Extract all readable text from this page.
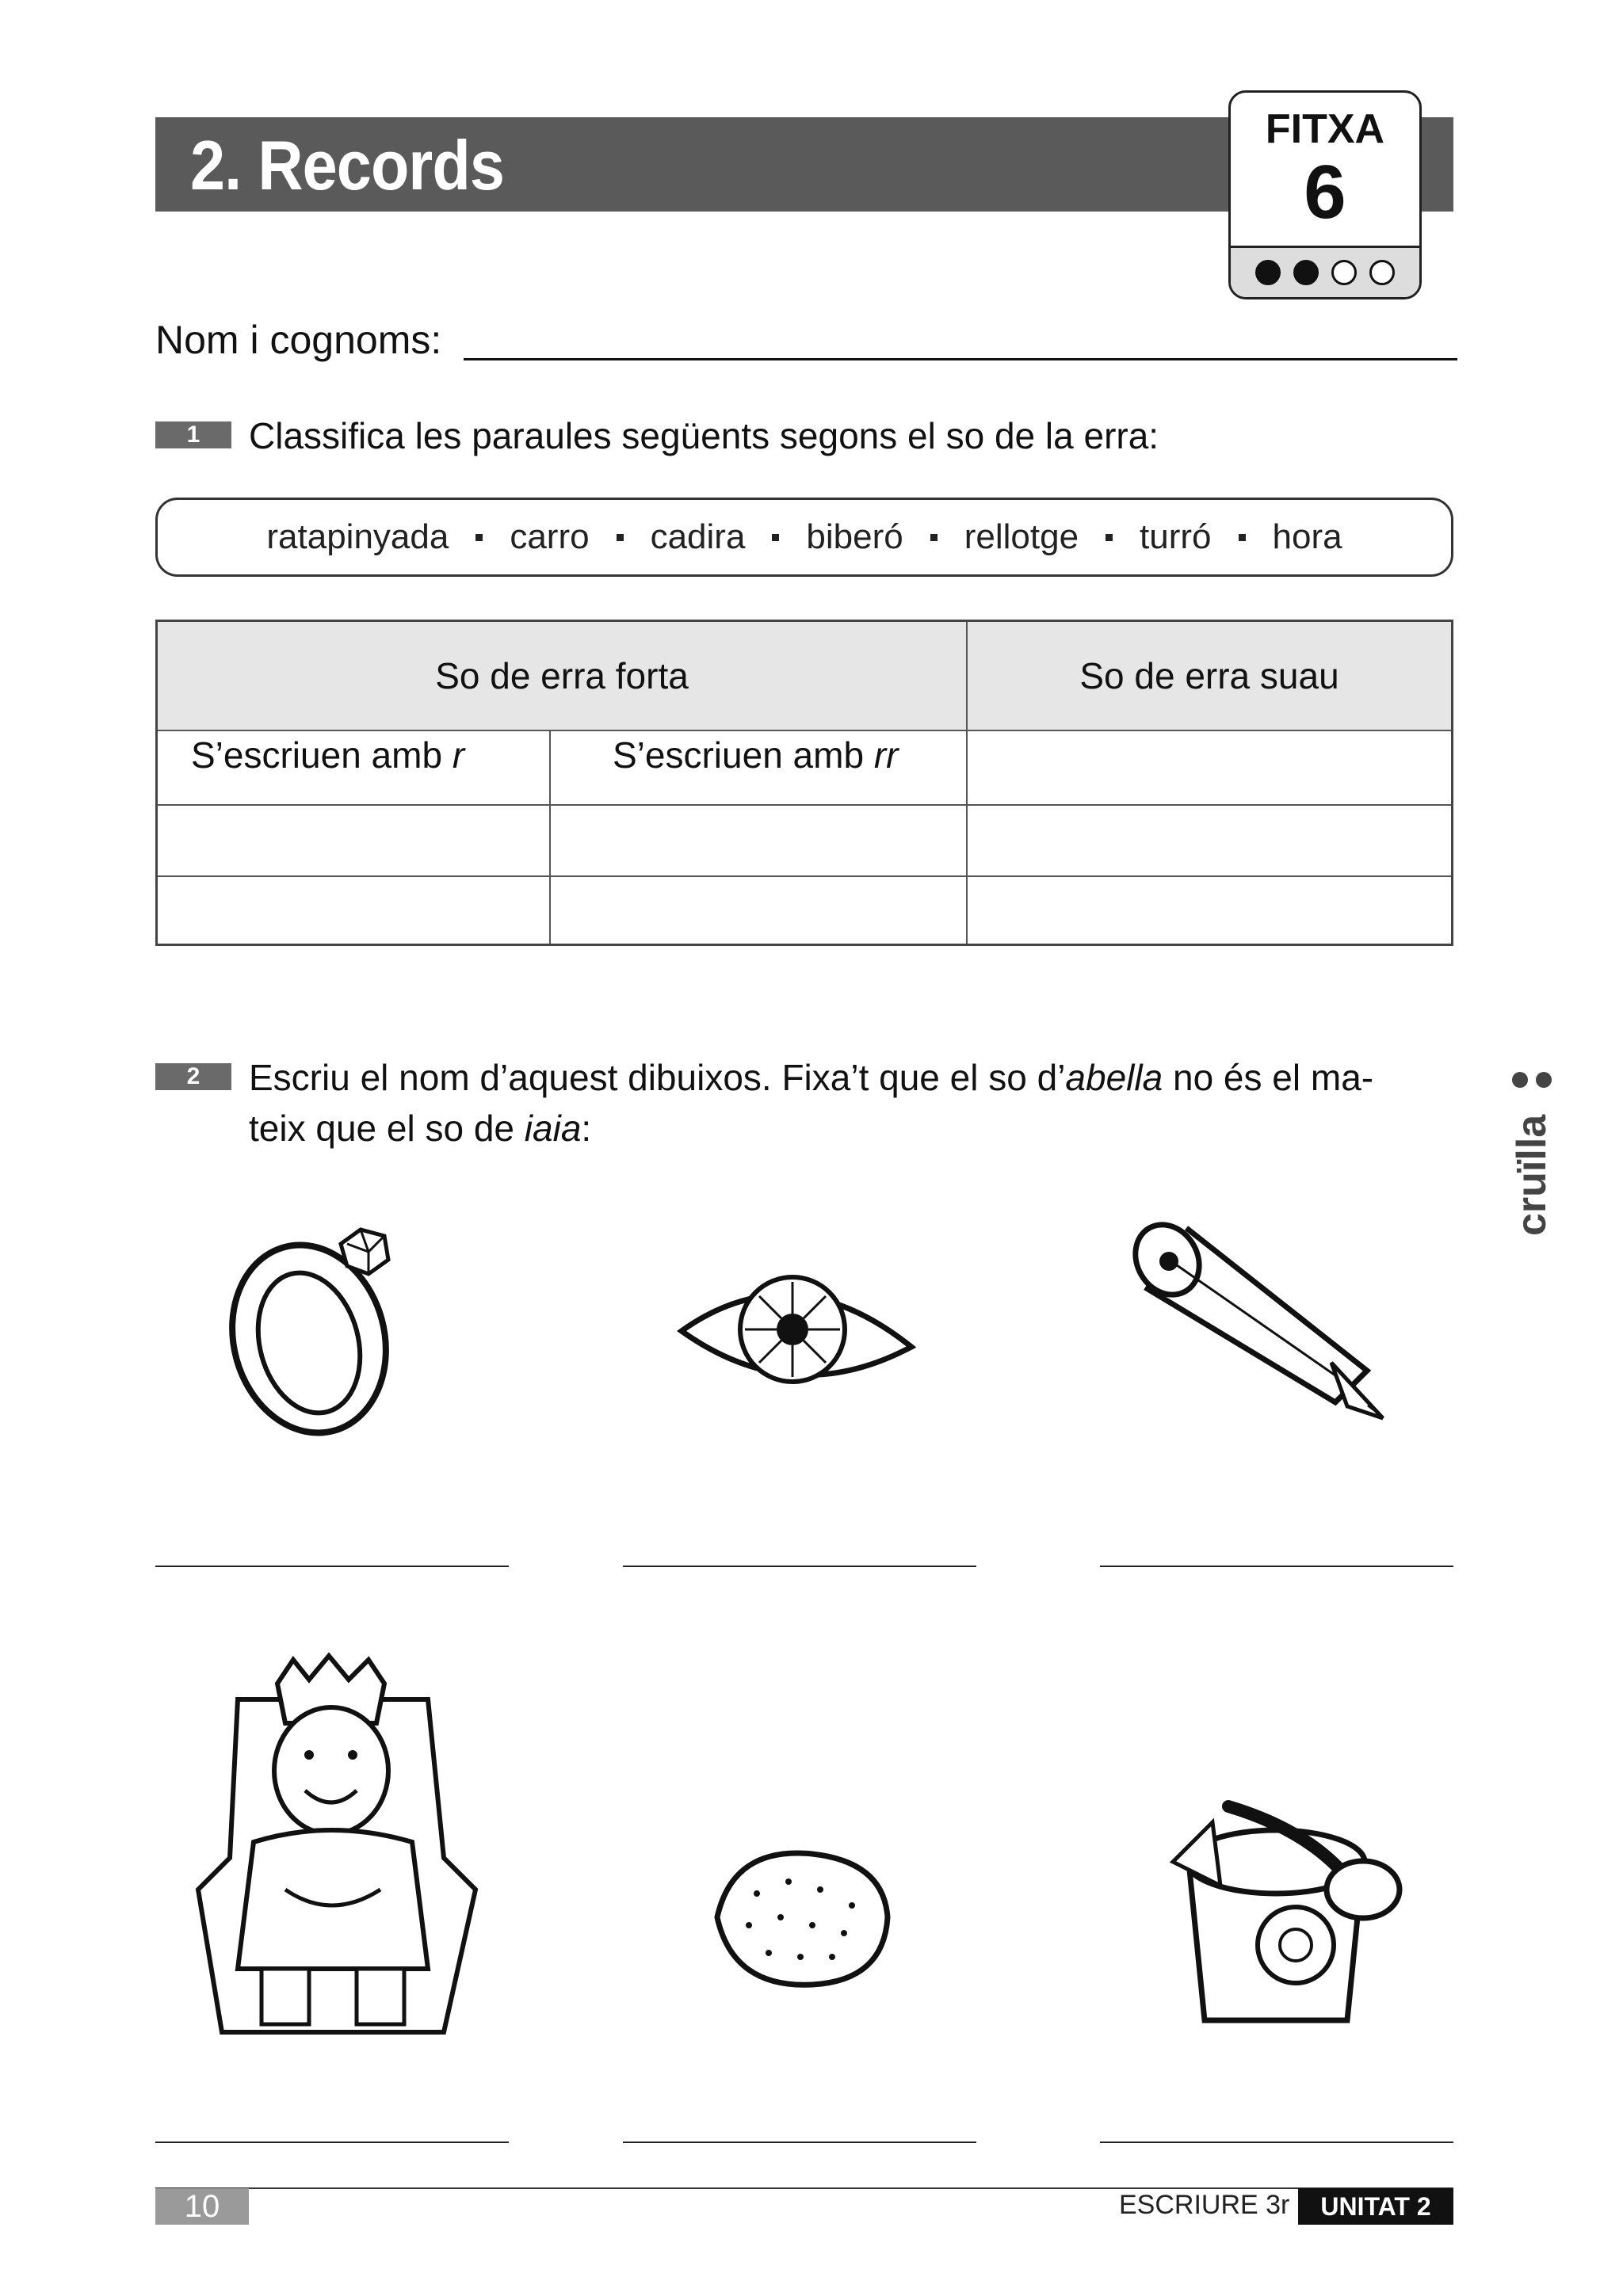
2. Records	FITXA
6
Nom i cognoms:
1	Classifica les paraules següents segons el so de la erra:
ratapinyada carro cadira biberó rellotge turró hora
So de erra forta	So de erra suau
S’escriuen amb r	S’escriuen amb rr
2	Escriu el nom d’aquest dibuixos. Fixa’t que el so d’abella no és el ma-
teix que el so de iaia:	cruïlla
10	ESCRIURE 3r	UNITAT 2
